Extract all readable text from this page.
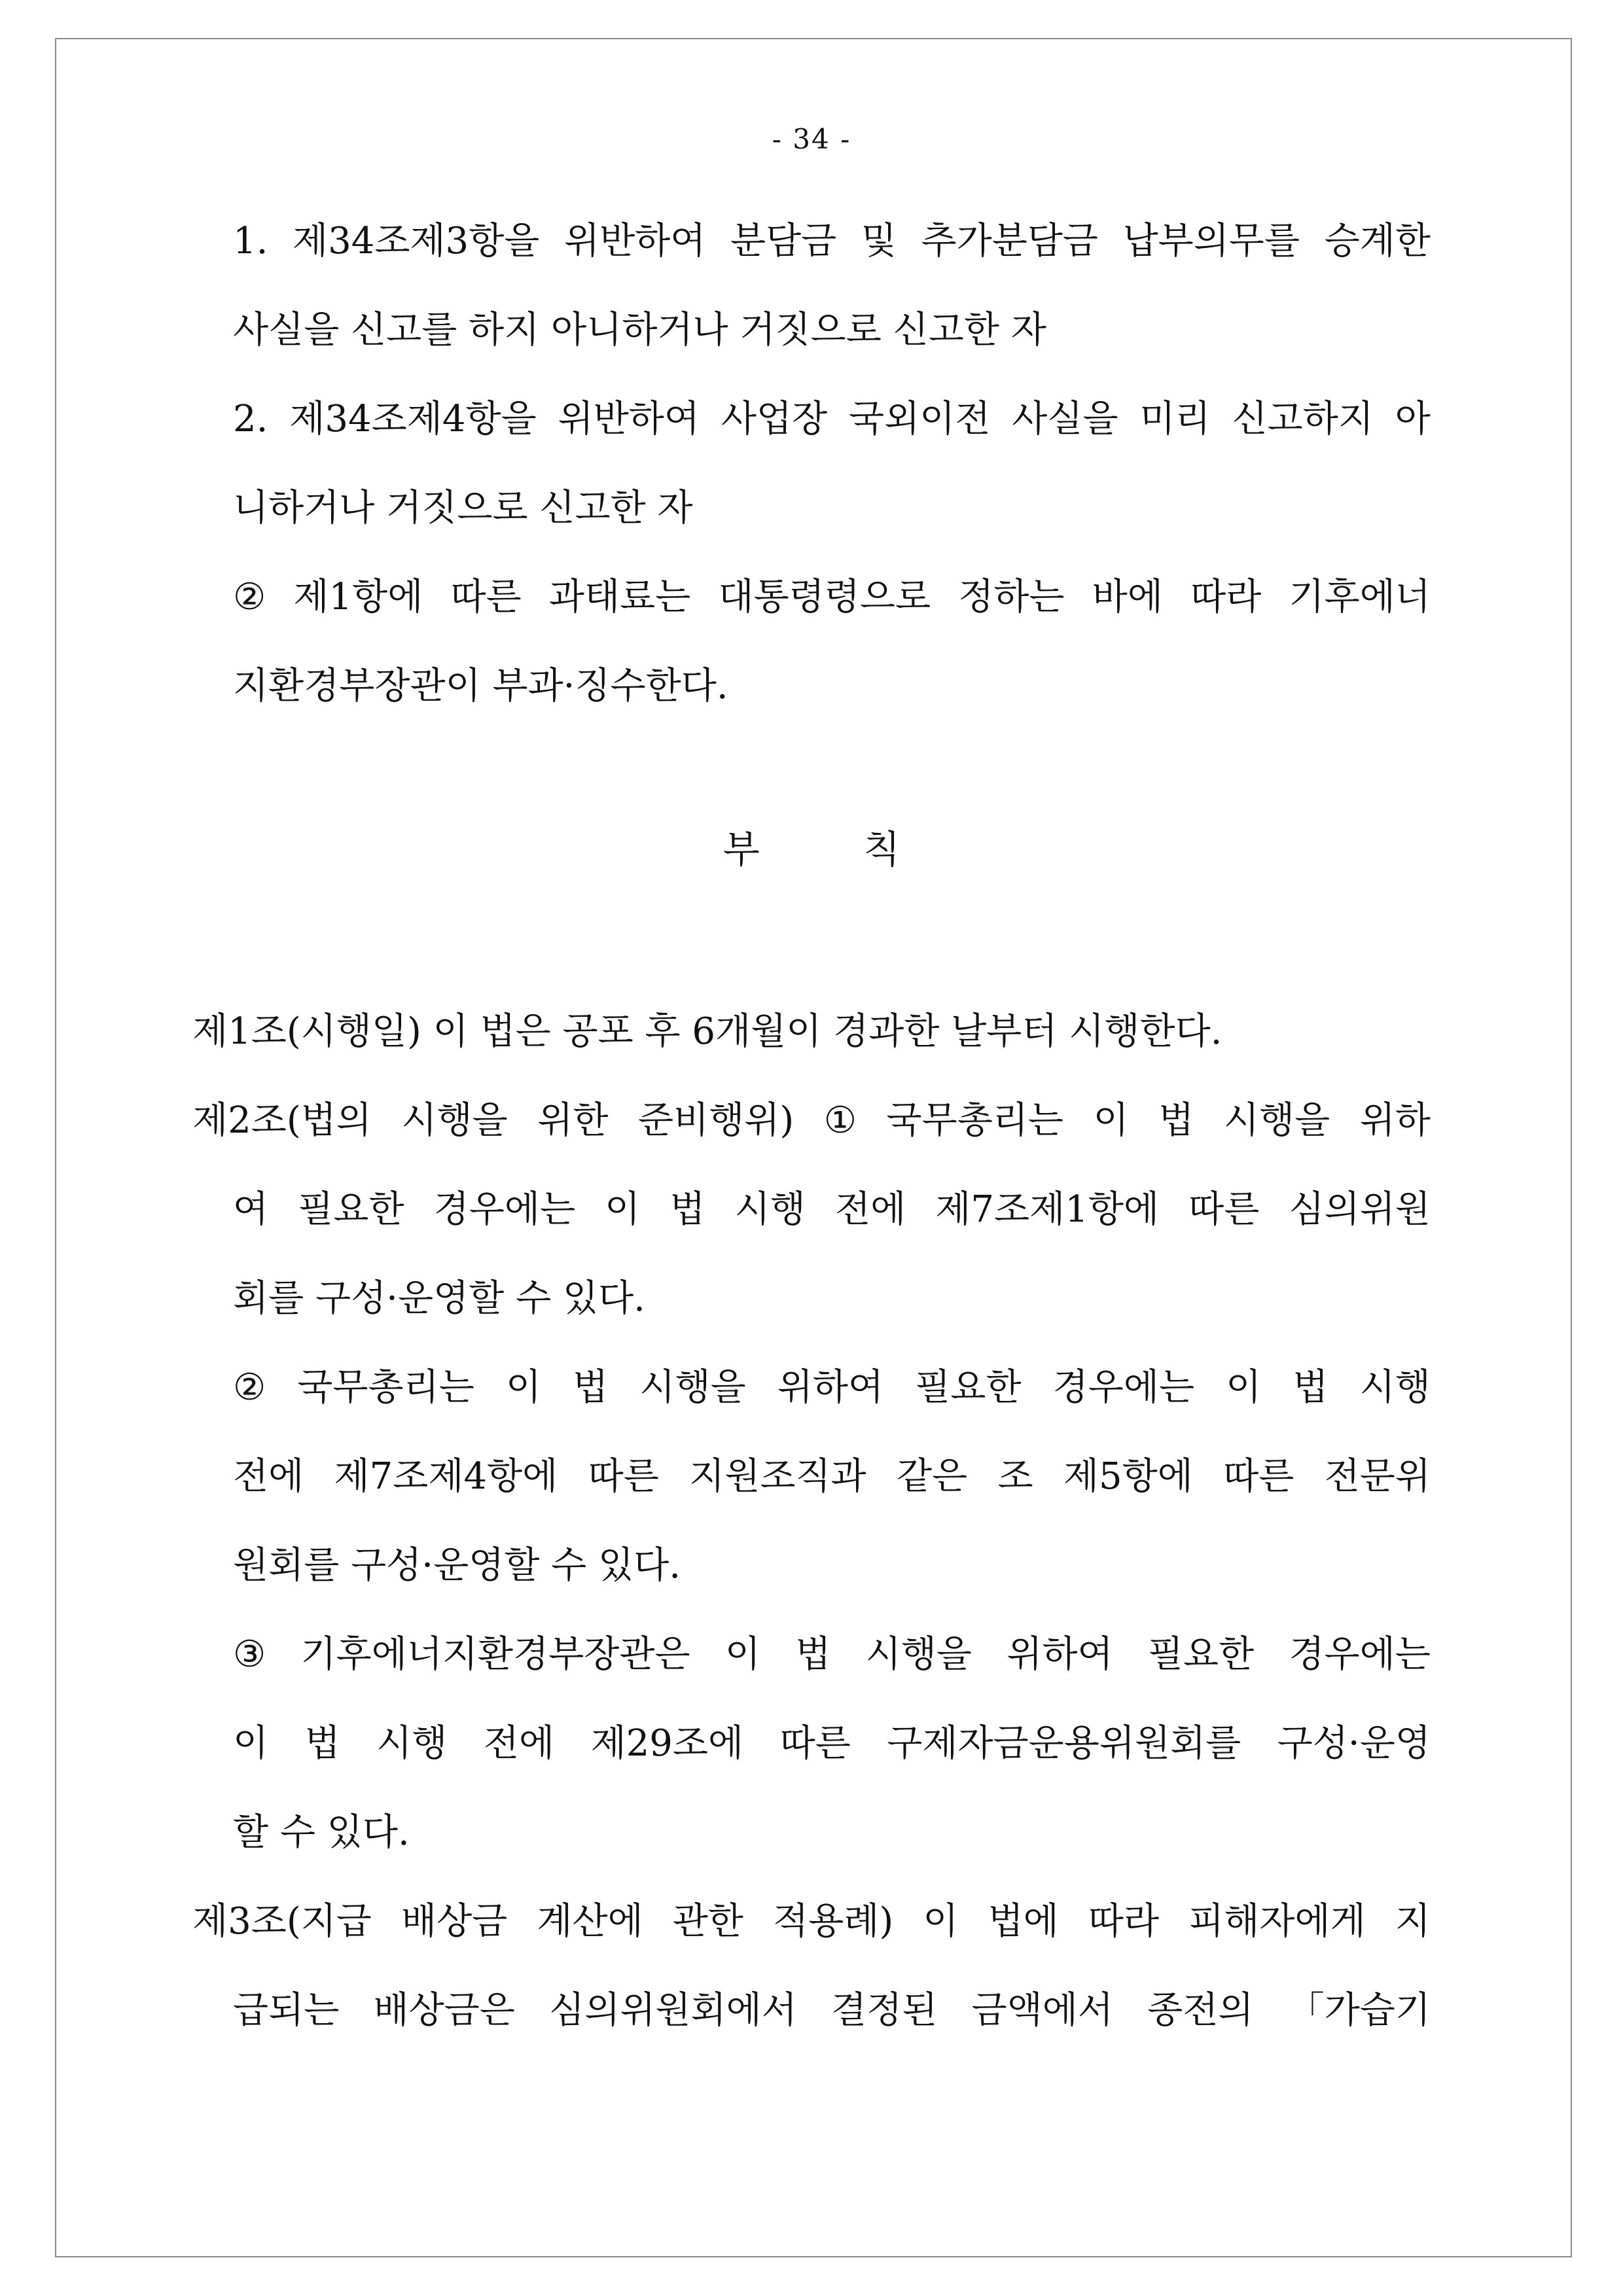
- 34 -
1. 제34조제3항을 위반하여 분담금 및 추가분담금 납부의무를 승계한
사실을 신고를 하지 아니하거나 거짓으로 신고한 자
2. 제34조제4항을 위반하여 사업장 국외이전 사실을 미리 신고하지 아
니하거나 거짓으로 신고한 자
② 제1항에 따른 과태료는 대통령령으로 정하는 바에 따라 기후에너
지환경부장관이 부과·징수한다.
부 칙
제1조(시행일) 이 법은 공포 후 6개월이 경과한 날부터 시행한다.
제2조(법의 시행을 위한 준비행위) ① 국무총리는 이 법 시행을 위하
여 필요한 경우에는 이 법 시행 전에 제7조제1항에 따른 심의위원
회를 구성·운영할 수 있다.
② 국무총리는 이 법 시행을 위하여 필요한 경우에는 이 법 시행
전에 제7조제4항에 따른 지원조직과 같은 조 제5항에 따른 전문위
원회를 구성·운영할 수 있다.
③ 기후에너지환경부장관은 이 법 시행을 위하여 필요한 경우에는
이 법 시행 전에 제29조에 따른 구제자금운용위원회를 구성·운영
할 수 있다.
제3조(지급 배상금 계산에 관한 적용례) 이 법에 따라 피해자에게 지
급되는 배상금은 심의위원회에서 결정된 금액에서 종전의 「가습기
